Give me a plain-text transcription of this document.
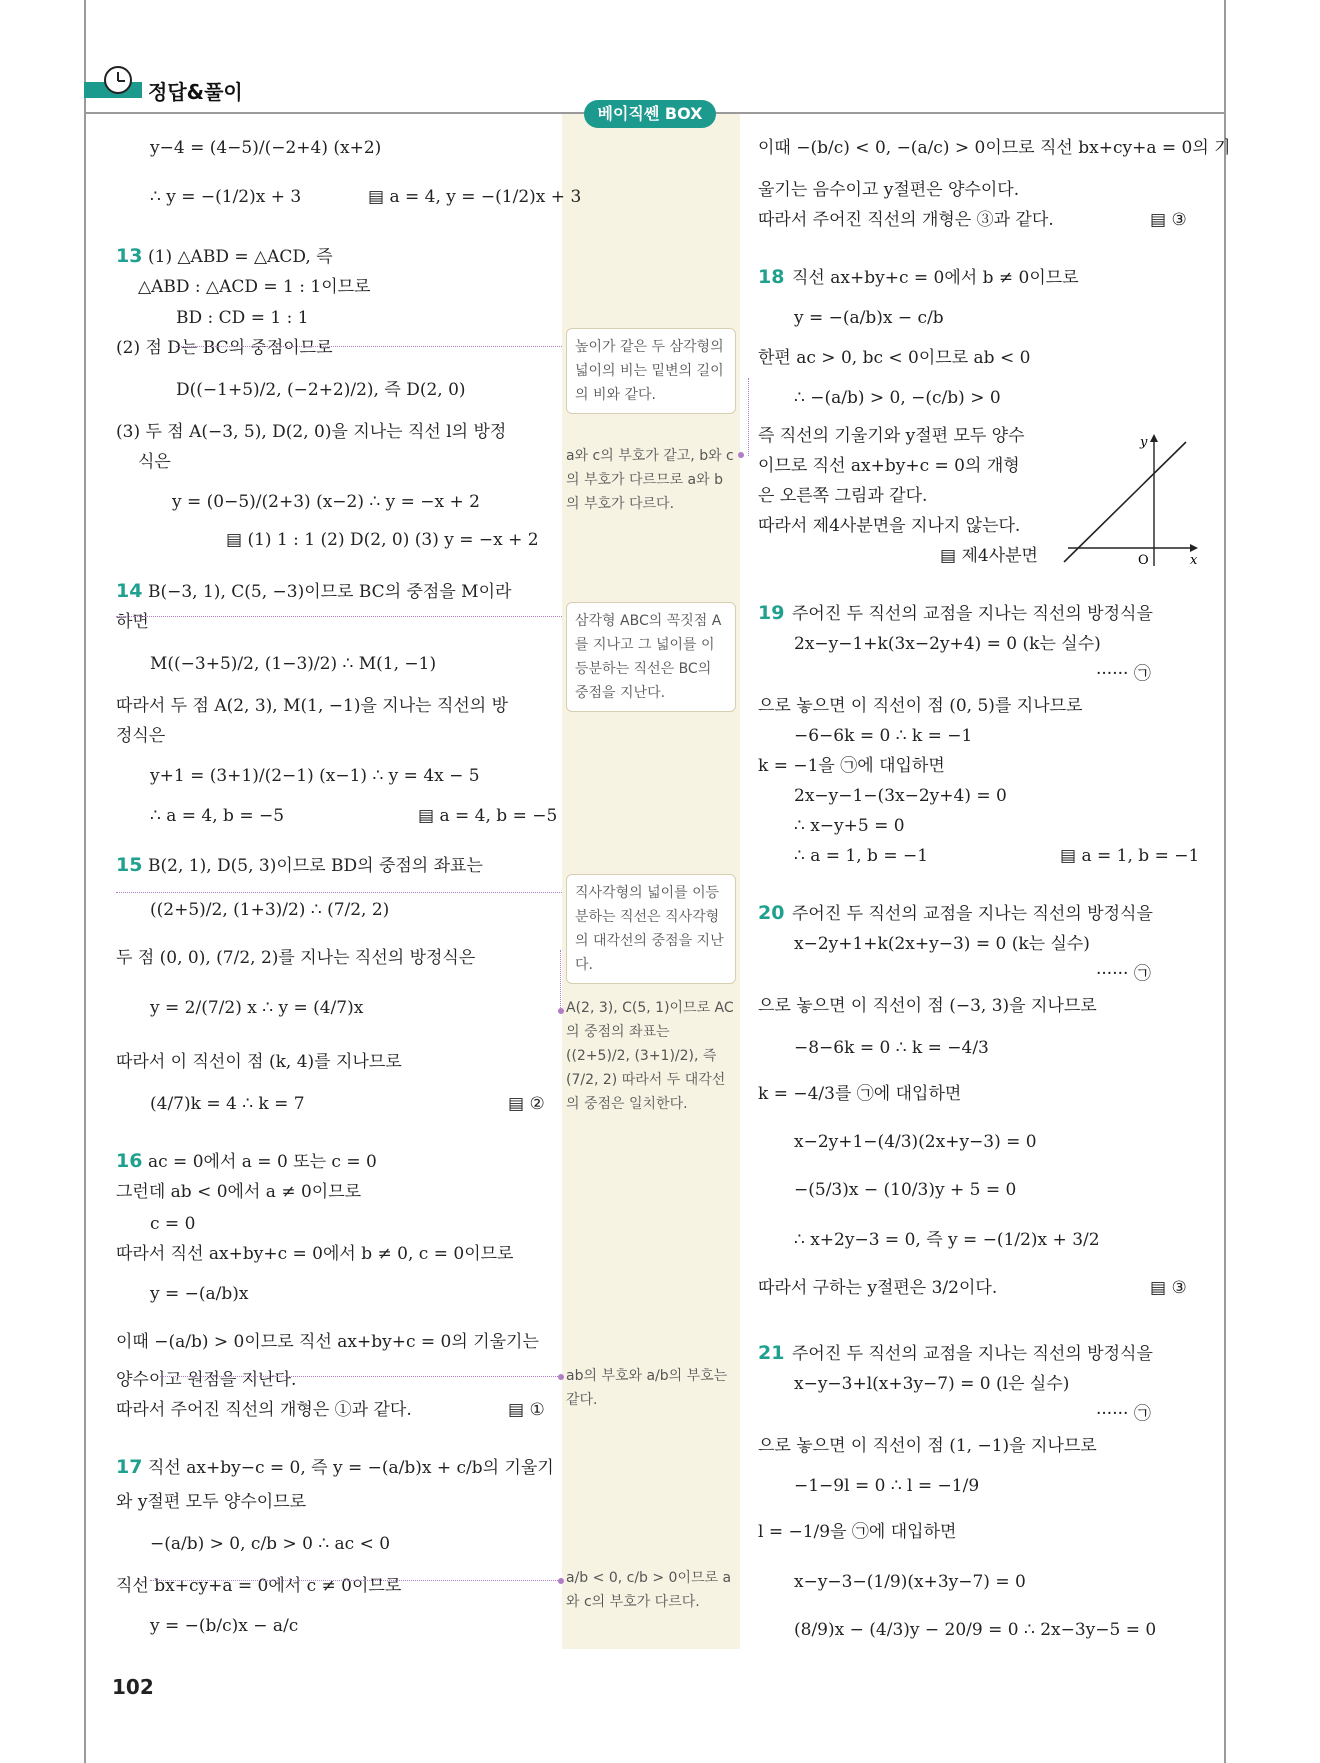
정답&풀이
베이직쎈 BOX
y−4 = (4−5)/(−2+4) (x+2)
∴ y = −(1/2)x + 3
(1) △ABD = △ACD, 즉
△ABD : △ACD = 1 : 1이므로
BD : CD = 1 : 1
(2) 점 D는 BC의 중점이므로
D((−1+5)/2, (−2+2)/2), 즉 D(2, 0)
(3) 두 점 A(−3, 5), D(2, 0)을 지나는 직선 l의 방정
식은
y = (0−5)/(2+3) (x−2) ∴ y = −x + 2
B(−3, 1), C(5, −3)이므로 BC의 중점을 M이라
하면
M((−3+5)/2, (1−3)/2) ∴ M(1, −1)
따라서 두 점 A(2, 3), M(1, −1)을 지나는 직선의 방
정식은
y+1 = (3+1)/(2−1) (x−1) ∴ y = 4x − 5
∴ a = 4, b = −5
B(2, 1), D(5, 3)이므로 BD의 중점의 좌표는
((2+5)/2, (1+3)/2) ∴ (7/2, 2)
두 점 (0, 0), (7/2, 2)를 지나는 직선의 방정식은
y = 2/(7/2) x ∴ y = (4/7)x
따라서 이 직선이 점 (k, 4)를 지나므로
(4/7)k = 4 ∴ k = 7
ac = 0에서 a = 0 또는 c = 0
그런데 ab < 0에서 a ≠ 0이므로
c = 0
따라서 직선 ax+by+c = 0에서 b ≠ 0, c = 0이므로
y = −(a/b)x
이때 −(a/b) > 0이므로 직선 ax+by+c = 0의 기울기는
양수이고 원점을 지난다.
따라서 주어진 직선의 개형은 ①과 같다.
직선 ax+by−c = 0, 즉 y = −(a/b)x + c/b의 기울기
와 y절편 모두 양수이므로
−(a/b) > 0, c/b > 0 ∴ ac < 0
직선 bx+cy+a = 0에서 c ≠ 0이므로
y = −(b/c)x − a/c
이때 −(b/c) < 0, −(a/c) > 0이므로 직선 bx+cy+a = 0의 기
울기는 음수이고 y절편은 양수이다.
따라서 주어진 직선의 개형은 ③과 같다.
직선 ax+by+c = 0에서 b ≠ 0이므로
y = −(a/b)x − c/b
한편 ac > 0, bc < 0이므로 ab < 0
∴ −(a/b) > 0, −(c/b) > 0
즉 직선의 기울기와 y절편 모두 양수
이므로 직선 ax+by+c = 0의 개형
은 오른쪽 그림과 같다.
따라서 제4사분면을 지나지 않는다.
주어진 두 직선의 교점을 지나는 직선의 방정식을
2x−y−1+k(3x−2y+4) = 0 (k는 실수)
······ ㉠
으로 놓으면 이 직선이 점 (0, 5)를 지나므로
−6−6k = 0 ∴ k = −1
k = −1을 ㉠에 대입하면
2x−y−1−(3x−2y+4) = 0
∴ x−y+5 = 0
∴ a = 1, b = −1
주어진 두 직선의 교점을 지나는 직선의 방정식을
x−2y+1+k(2x+y−3) = 0 (k는 실수)
······ ㉠
으로 놓으면 이 직선이 점 (−3, 3)을 지나므로
−8−6k = 0 ∴ k = −4/3
k = −4/3를 ㉠에 대입하면
x−2y+1−(4/3)(2x+y−3) = 0
−(5/3)x − (10/3)y + 5 = 0
∴ x+2y−3 = 0, 즉 y = −(1/2)x + 3/2
따라서 구하는 y절편은 3/2이다.
주어진 두 직선의 교점을 지나는 직선의 방정식을
x−y−3+l(x+3y−7) = 0 (l은 실수)
······ ㉠
으로 놓으면 이 직선이 점 (1, −1)을 지나므로
−1−9l = 0 ∴ l = −1/9
l = −1/9을 ㉠에 대입하면
x−y−3−(1/9)(x+3y−7) = 0
(8/9)x − (4/3)y − 20/9 = 0 ∴ 2x−3y−5 = 0
13
14
15
16
17
18
19
20
21
▤ a = 4, y = −(1/2)x + 3
▤ (1) 1 : 1 (2) D(2, 0) (3) y = −x + 2
▤ a = 4, b = −5
▤ ②
▤ ①
▤ ③
▤ 제4사분면
▤ a = 1, b = −1
▤ ③
높이가 같은 두 삼각형의 넓이의 비는 밑변의 길이의 비와 같다.
a와 c의 부호가 같고, b와 c의 부호가 다르므로 a와 b의 부호가 다르다.
삼각형 ABC의 꼭짓점 A를 지나고 그 넓이를 이등분하는 직선은 BC의 중점을 지난다.
직사각형의 넓이를 이등분하는 직선은 직사각형의 대각선의 중점을 지난다.
A(2, 3), C(5, 1)이므로 AC의 중점의 좌표는 ((2+5)/2, (3+1)/2), 즉 (7/2, 2) 따라서 두 대각선의 중점은 일치한다.
ab의 부호와 a/b의 부호는 같다.
a/b < 0, c/b > 0이므로 a와 c의 부호가 다르다.
x
y
O
102
